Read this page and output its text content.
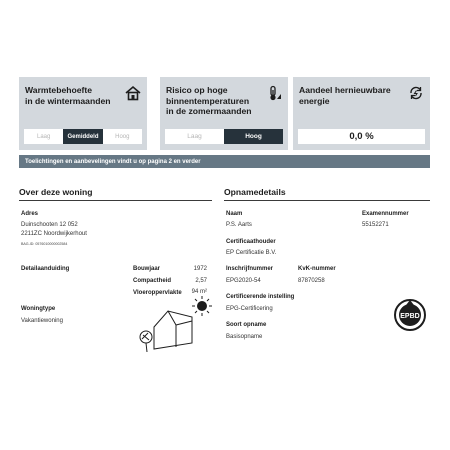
Warmtebehoefte
in de wintermaanden
Laag	Gemiddeld	Hoog
Risico op hoge
binnentemperaturen
in de zomermaanden
Laag	Hoog
Aandeel hernieuwbare
energie
0,0 %
Toelichtingen en aanbevelingen vindt u op pagina 2 en verder
Over deze woning
Adres
Duinschooten 12 052
2211ZC Noordwijkerhout
BAG-ID: 0576010000002584
Detailaanduiding	Bouwjaar	1972
Compactheid	2,57
Vloeroppervlakte	94 m²
Woningtype
Vakantiewoning
Opnamedetails
Naam
P.S. Aarts
Examennummer
55152271
Certificaathouder
EP Certificatie B.V.
Inschrijfnummer
EPG2020-54
KvK-nummer
87870258
Certificerende instelling
EPG-Certificering
Soort opname
Basisopname
EPBD
